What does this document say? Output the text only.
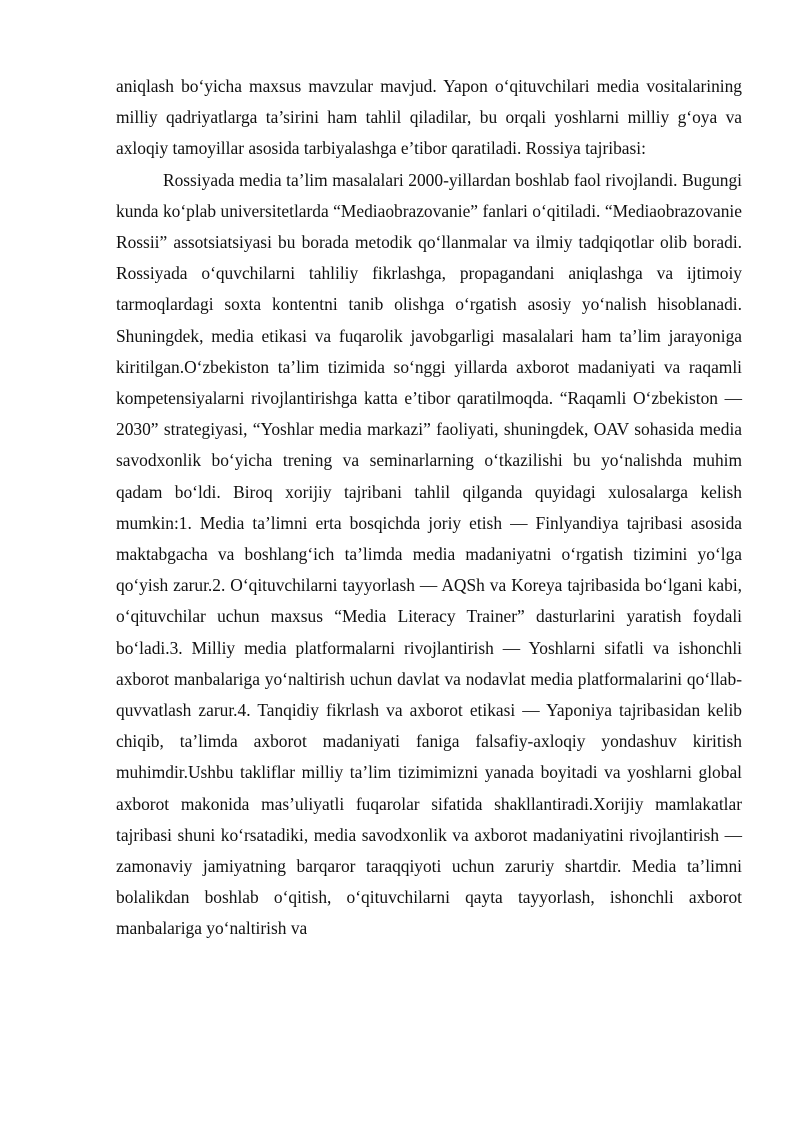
aniqlash bo‘yicha maxsus mavzular mavjud. Yapon o‘qituvchilari media vositalarining milliy qadriyatlarga ta’sirini ham tahlil qiladilar, bu orqali yoshlarni milliy g‘oya va axloqiy tamoyillar asosida tarbiyalashga e’tibor qaratiladi. Rossiya tajribasi:

Rossiyada media ta’lim masalalari 2000-yillardan boshlab faol rivojlandi. Bugungi kunda ko‘plab universitetlarda “Mediaobrazovanie” fanlari o‘qitiladi. “Mediaobrazovanie Rossii” assotsiatsiyasi bu borada metodik qo‘llanmalar va ilmiy tadqiqotlar olib boradi. Rossiyada o‘quvchilarni tahliliy fikrlashga, propagandani aniqlashga va ijtimoiy tarmoqlardagi soxta kontentni tanib olishga o‘rgatish asosiy yo‘nalish hisoblanadi. Shuningdek, media etikasi va fuqarolik javobgarligi masalalari ham ta’lim jarayoniga kiritilgan.O‘zbekiston ta’lim tizimida so‘nggi yillarda axborot madaniyati va raqamli kompetensiyalarni rivojlantirishga katta e’tibor qaratilmoqda. “Raqamli O‘zbekiston — 2030” strategiyasi, “Yoshlar media markazi” faoliyati, shuningdek, OAV sohasida media savodxonlik bo‘yicha trening va seminarlarning o‘tkazilishi bu yo‘nalishda muhim qadam bo‘ldi. Biroq xorijiy tajribani tahlil qilganda quyidagi xulosalarga kelish mumkin:1. Media ta’limni erta bosqichda joriy etish — Finlyandiya tajribasi asosida maktabgacha va boshlang‘ich ta’limda media madaniyatni o‘rgatish tizimini yo‘lga qo‘yish zarur.2. O‘qituvchilarni tayyorlash — AQSh va Koreya tajribasida bo‘lgani kabi, o‘qituvchilar uchun maxsus “Media Literacy Trainer” dasturlarini yaratish foydali bo‘ladi.3. Milliy media platformalarni rivojlantirish — Yoshlarni sifatli va ishonchli axborot manbalariga yo‘naltirish uchun davlat va nodavlat media platformalarini qo‘llab-quvvatlash zarur.4. Tanqidiy fikrlash va axborot etikasi — Yaponiya tajribasidan kelib chiqib, ta’limda axborot madaniyati faniga falsafiy-axloqiy yondashuv kiritish muhimdir.Ushbu takliflar milliy ta’lim tizimimizni yanada boyitadi va yoshlarni global axborot makonida mas’uliyatli fuqarolar sifatida shakllantiradi.Xorijiy mamlakatlar tajribasi shuni ko‘rsatadiki, media savodxonlik va axborot madaniyatini rivojlantirish — zamonaviy jamiyatning barqaror taraqqiyoti uchun zaruriy shartdir. Media ta’limni bolalikdan boshlab o‘qitish, o‘qituvchilarni qayta tayyorlash, ishonchli axborot manbalariga yo‘naltirish va
